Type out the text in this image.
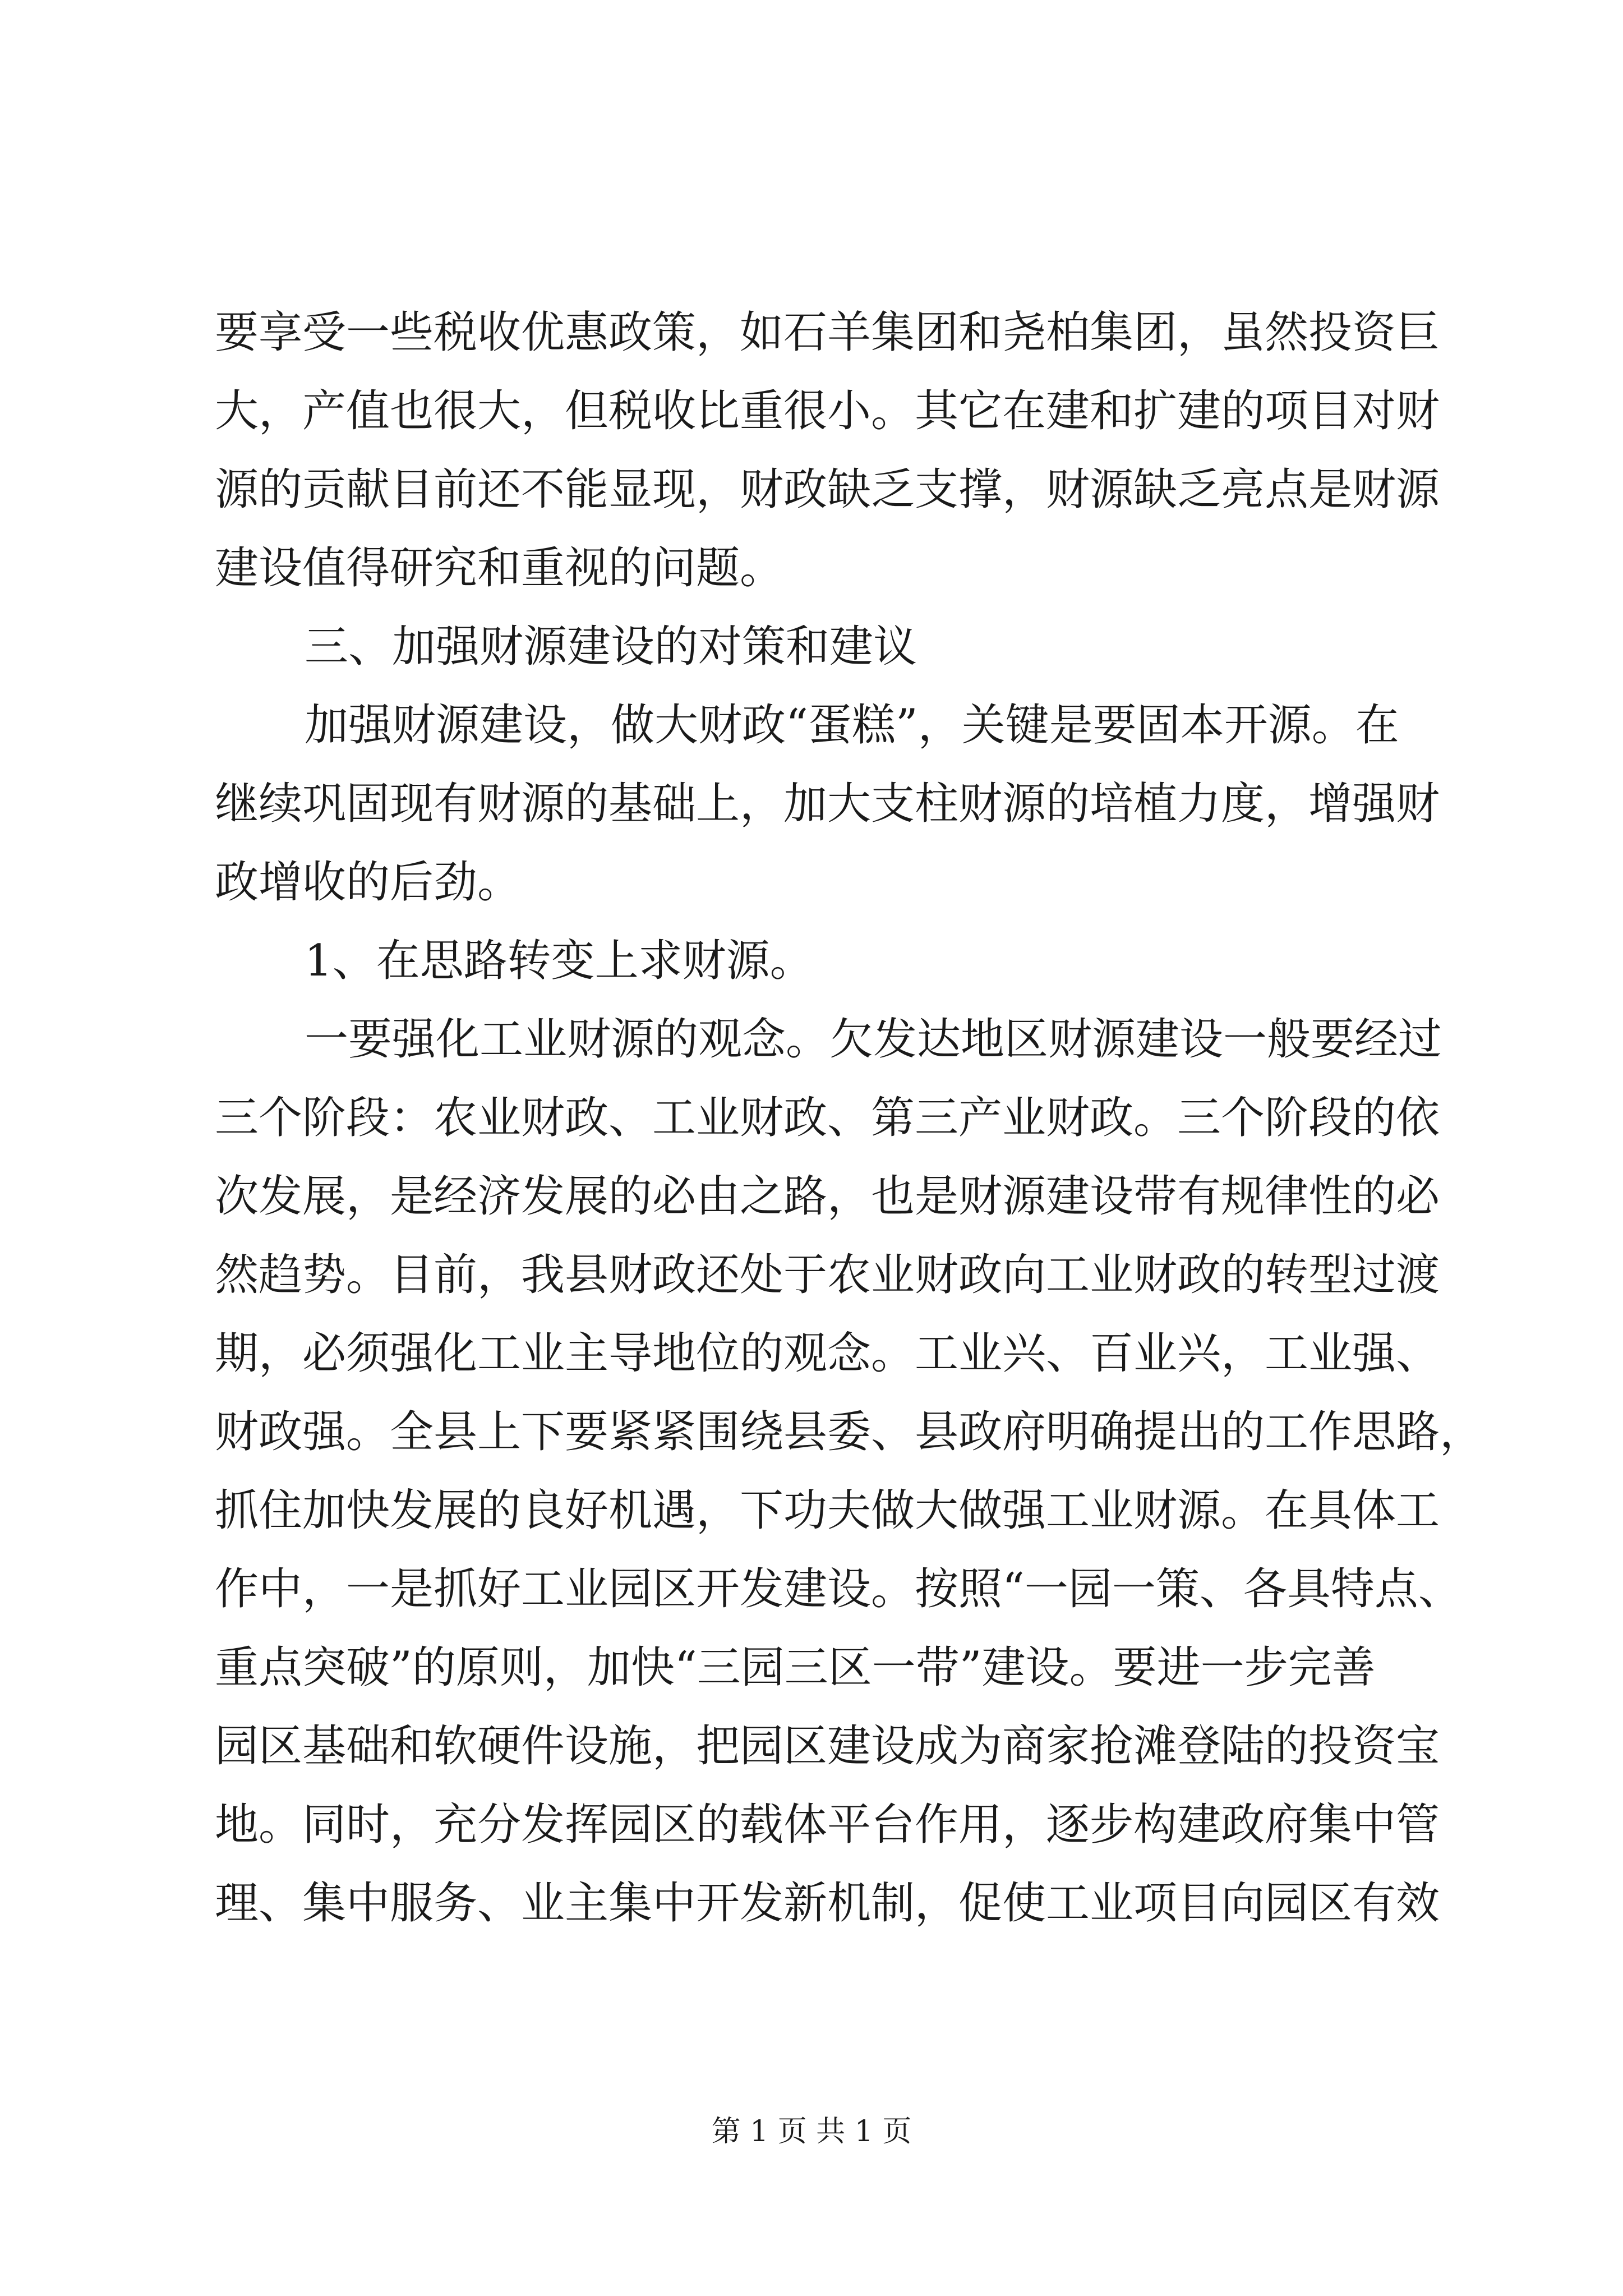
要享受一些税收优惠政策，如石羊集团和尧柏集团，虽然投资巨
大，产值也很大，但税收比重很小。其它在建和扩建的项目对财
源的贡献目前还不能显现，财政缺乏支撑，财源缺乏亮点是财源
建设值得研究和重视的问题。
三、加强财源建设的对策和建议
加强财源建设，做大财政“蛋糕”，关键是要固本开源。在
继续巩固现有财源的基础上，加大支柱财源的培植力度，增强财
政增收的后劲。
1、在思路转变上求财源。
一要强化工业财源的观念。欠发达地区财源建设一般要经过
三个阶段：农业财政、工业财政、第三产业财政。三个阶段的依
次发展，是经济发展的必由之路，也是财源建设带有规律性的必
然趋势。目前，我县财政还处于农业财政向工业财政的转型过渡
期，必须强化工业主导地位的观念。工业兴、百业兴，工业强、
财政强。全县上下要紧紧围绕县委、县政府明确提出的工作思路，
抓住加快发展的良好机遇，下功夫做大做强工业财源。在具体工
作中，一是抓好工业园区开发建设。按照“一园一策、各具特点、
重点突破”的原则，加快“三园三区一带”建设。要进一步完善
园区基础和软硬件设施，把园区建设成为商家抢滩登陆的投资宝
地。同时，充分发挥园区的载体平台作用，逐步构建政府集中管
理、集中服务、业主集中开发新机制，促使工业项目向园区有效
第 1 页 共 1 页
